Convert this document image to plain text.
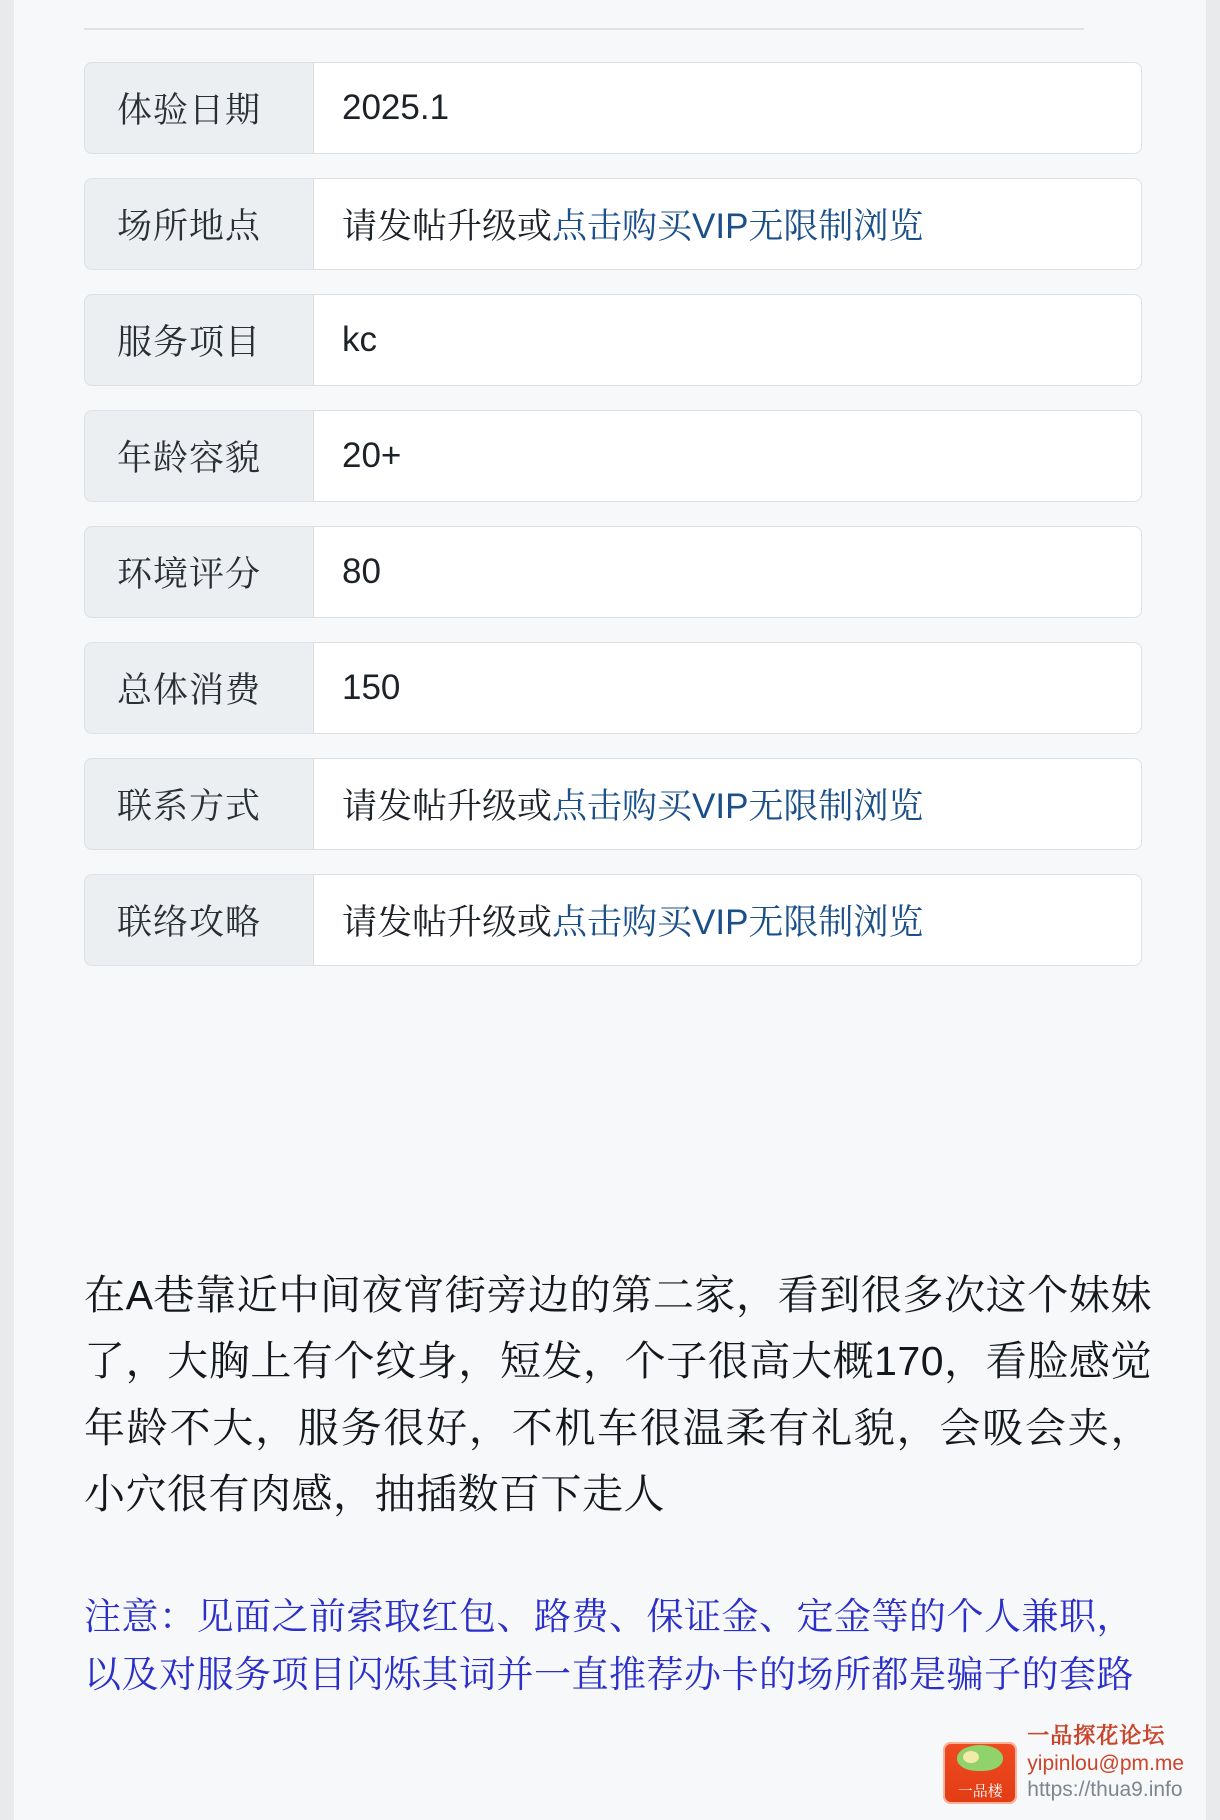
体验日期	2025.1
场所地点	请发帖升级或 点击购买VIP无限制浏览
服务项目	kc
年龄容貌	20+
环境评分	80
总体消费	150
联系方式	请发帖升级或 点击购买VIP无限制浏览
联络攻略	请发帖升级或 点击购买VIP无限制浏览
在A巷靠近中间夜宵街旁边的第二家，看到很多次这个妹妹了，大胸上有个纹身，短发，个子很高大概170，看脸感觉年龄不大，服务很好，不机车很温柔有礼貌，会吸会夹，小穴很有肉感，抽插数百下走人
注意：见面之前索取红包、路费、保证金、定金等的个人兼职，以及对服务项目闪烁其词并一直推荐办卡的场所都是骗子的套路
一品楼
一品探花论坛
yipinlou@pm.me
https://thua9.info
